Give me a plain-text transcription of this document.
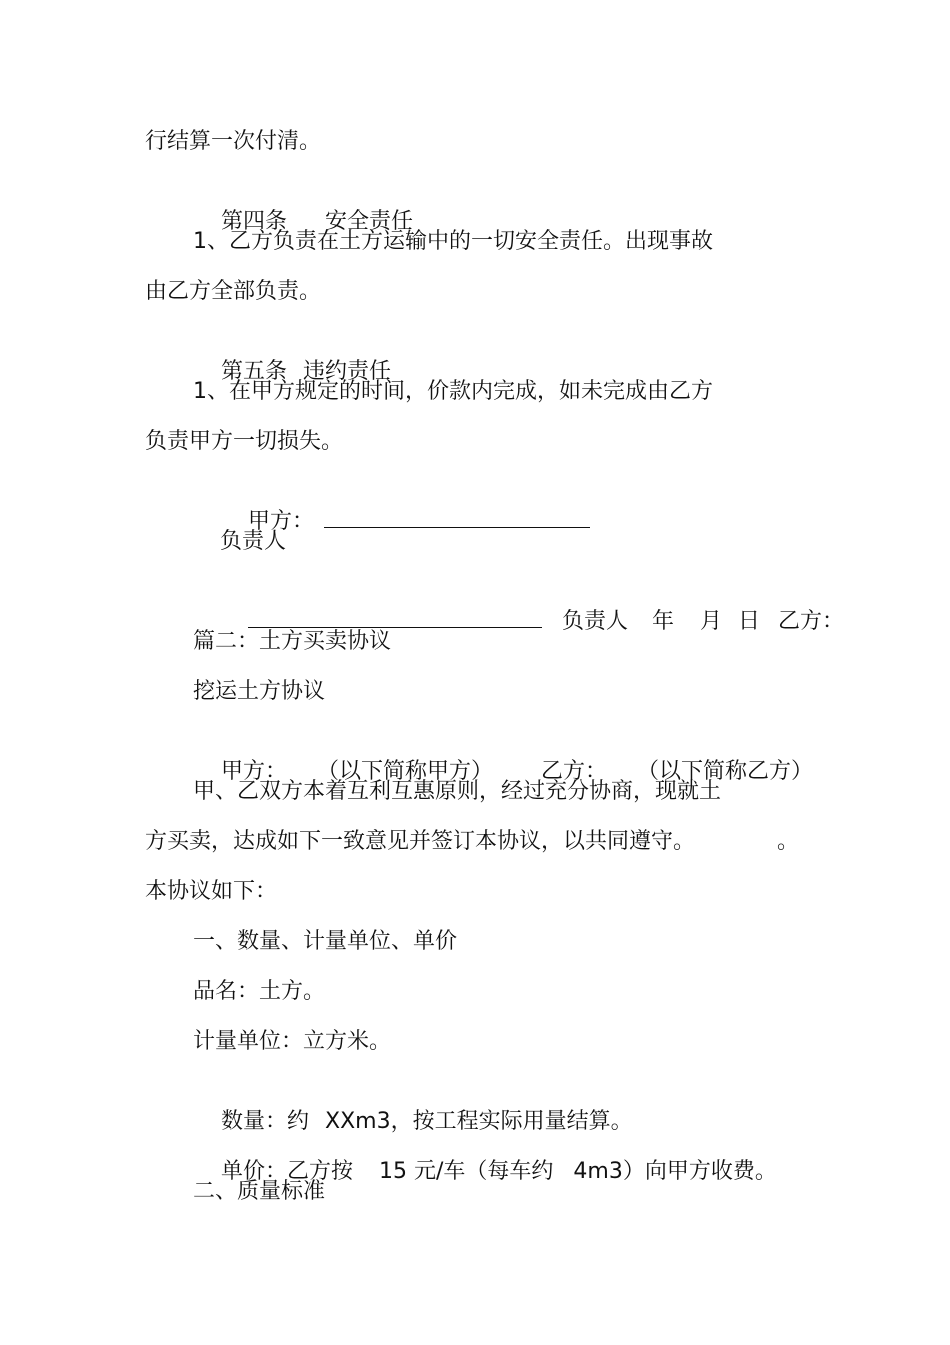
行结算一次付清。

第四条 安全责任

1、乙方负责在土方运输中的一切安全责任。出现事故
由乙方全部负责。

第五条 违约责任

1、在甲方规定的时间，价款内完成，如未完成由乙方
负责甲方一切损失。

甲方：

负责人

负责人 年 月 日 乙方：

篇二：土方买卖协议
挖运土方协议

甲方： （以下简称甲方） 乙方： （以下简称乙方）

甲、乙双方本着互利互惠原则，经过充分协商，现就土
方买卖，达成如下一致意见并签订本协议，以共同遵守。	。
本协议如下：
一、数量、计量单位、单价
品名：土方。
计量单位：立方米。

数量：约 XXm3，按工程实际用量结算。

单价：乙方按 15 元/车（每车约 4m3）向甲方收费。

二、质量标准
